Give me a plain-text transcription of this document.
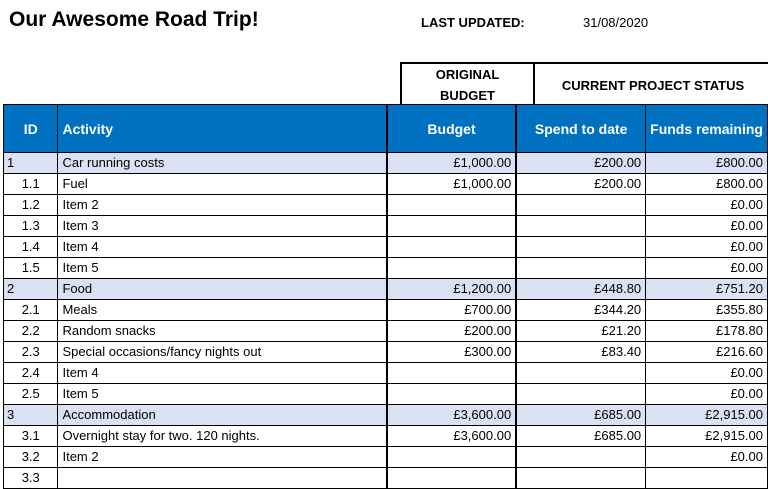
Our Awesome Road Trip!	LAST UPDATED:	31/08/2020
ORIGINAL
BUDGET
CURRENT PROJECT STATUS
ID	Activity	Budget	Spend to date	Funds remaining
1	Car running costs	£1,000.00	£200.00	£800.00
1.1	Fuel	£1,000.00	£200.00	£800.00
1.2	Item 2			£0.00
1.3	Item 3			£0.00
1.4	Item 4			£0.00
1.5	Item 5			£0.00
2	Food	£1,200.00	£448.80	£751.20
2.1	Meals	£700.00	£344.20	£355.80
2.2	Random snacks	£200.00	£21.20	£178.80
2.3	Special occasions/fancy nights out	£300.00	£83.40	£216.60
2.4	Item 4			£0.00
2.5	Item 5			£0.00
3	Accommodation	£3,600.00	£685.00	£2,915.00
3.1	Overnight stay for two. 120 nights.	£3,600.00	£685.00	£2,915.00
3.2	Item 2			£0.00
3.3				
